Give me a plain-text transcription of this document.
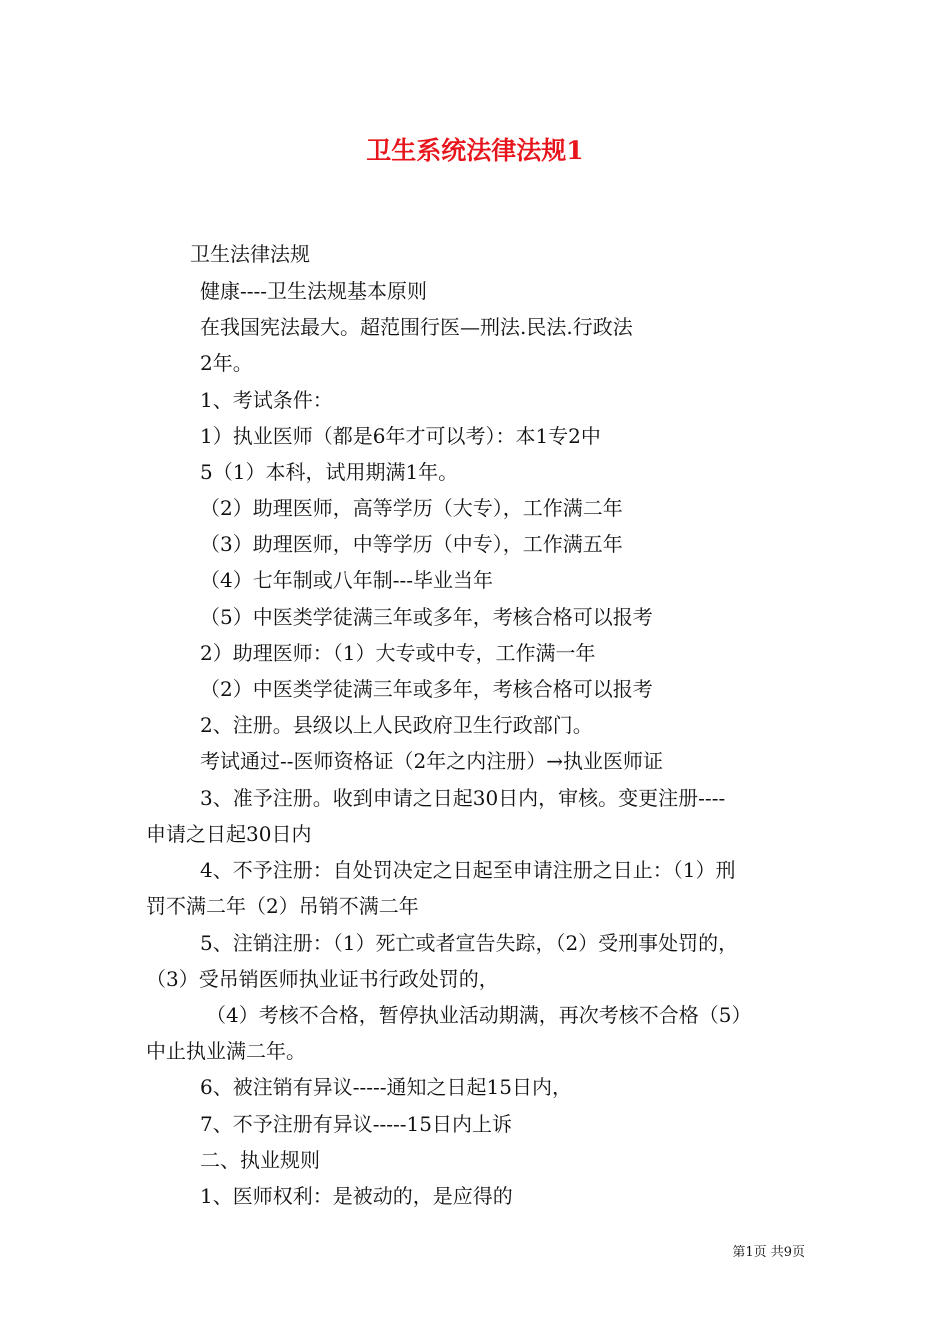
卫生系统法律法规1

卫生法律法规

健康----卫生法规基本原则

在我国宪法最大。超范围行医—刑法.民法.行政法

2年。

1、考试条件：

1）执业医师（都是6年才可以考）：本1专2中

5（1）本科，试用期满1年。

（2）助理医师，高等学历（大专），工作满二年

（3）助理医师，中等学历（中专），工作满五年

（4）七年制或八年制---毕业当年

（5）中医类学徒满三年或多年，考核合格可以报考

2）助理医师：（1）大专或中专，工作满一年

（2）中医类学徒满三年或多年，考核合格可以报考

2、注册。县级以上人民政府卫生行政部门。

考试通过--医师资格证（2年之内注册）→执业医师证

3、准予注册。收到申请之日起30日内，审核。变更注册----

申请之日起30日内

4、不予注册：自处罚决定之日起至申请注册之日止：（1）刑

罚不满二年（2）吊销不满二年

5、注销注册：（1）死亡或者宣告失踪，（2）受刑事处罚的，

（3）受吊销医师执业证书行政处罚的，

（4）考核不合格，暂停执业活动期满，再次考核不合格（5）

中止执业满二年。

6、被注销有异议-----通知之日起15日内，

7、不予注册有异议-----15日内上诉

二、执业规则

1、医师权利：是被动的，是应得的

第1页 共9页
